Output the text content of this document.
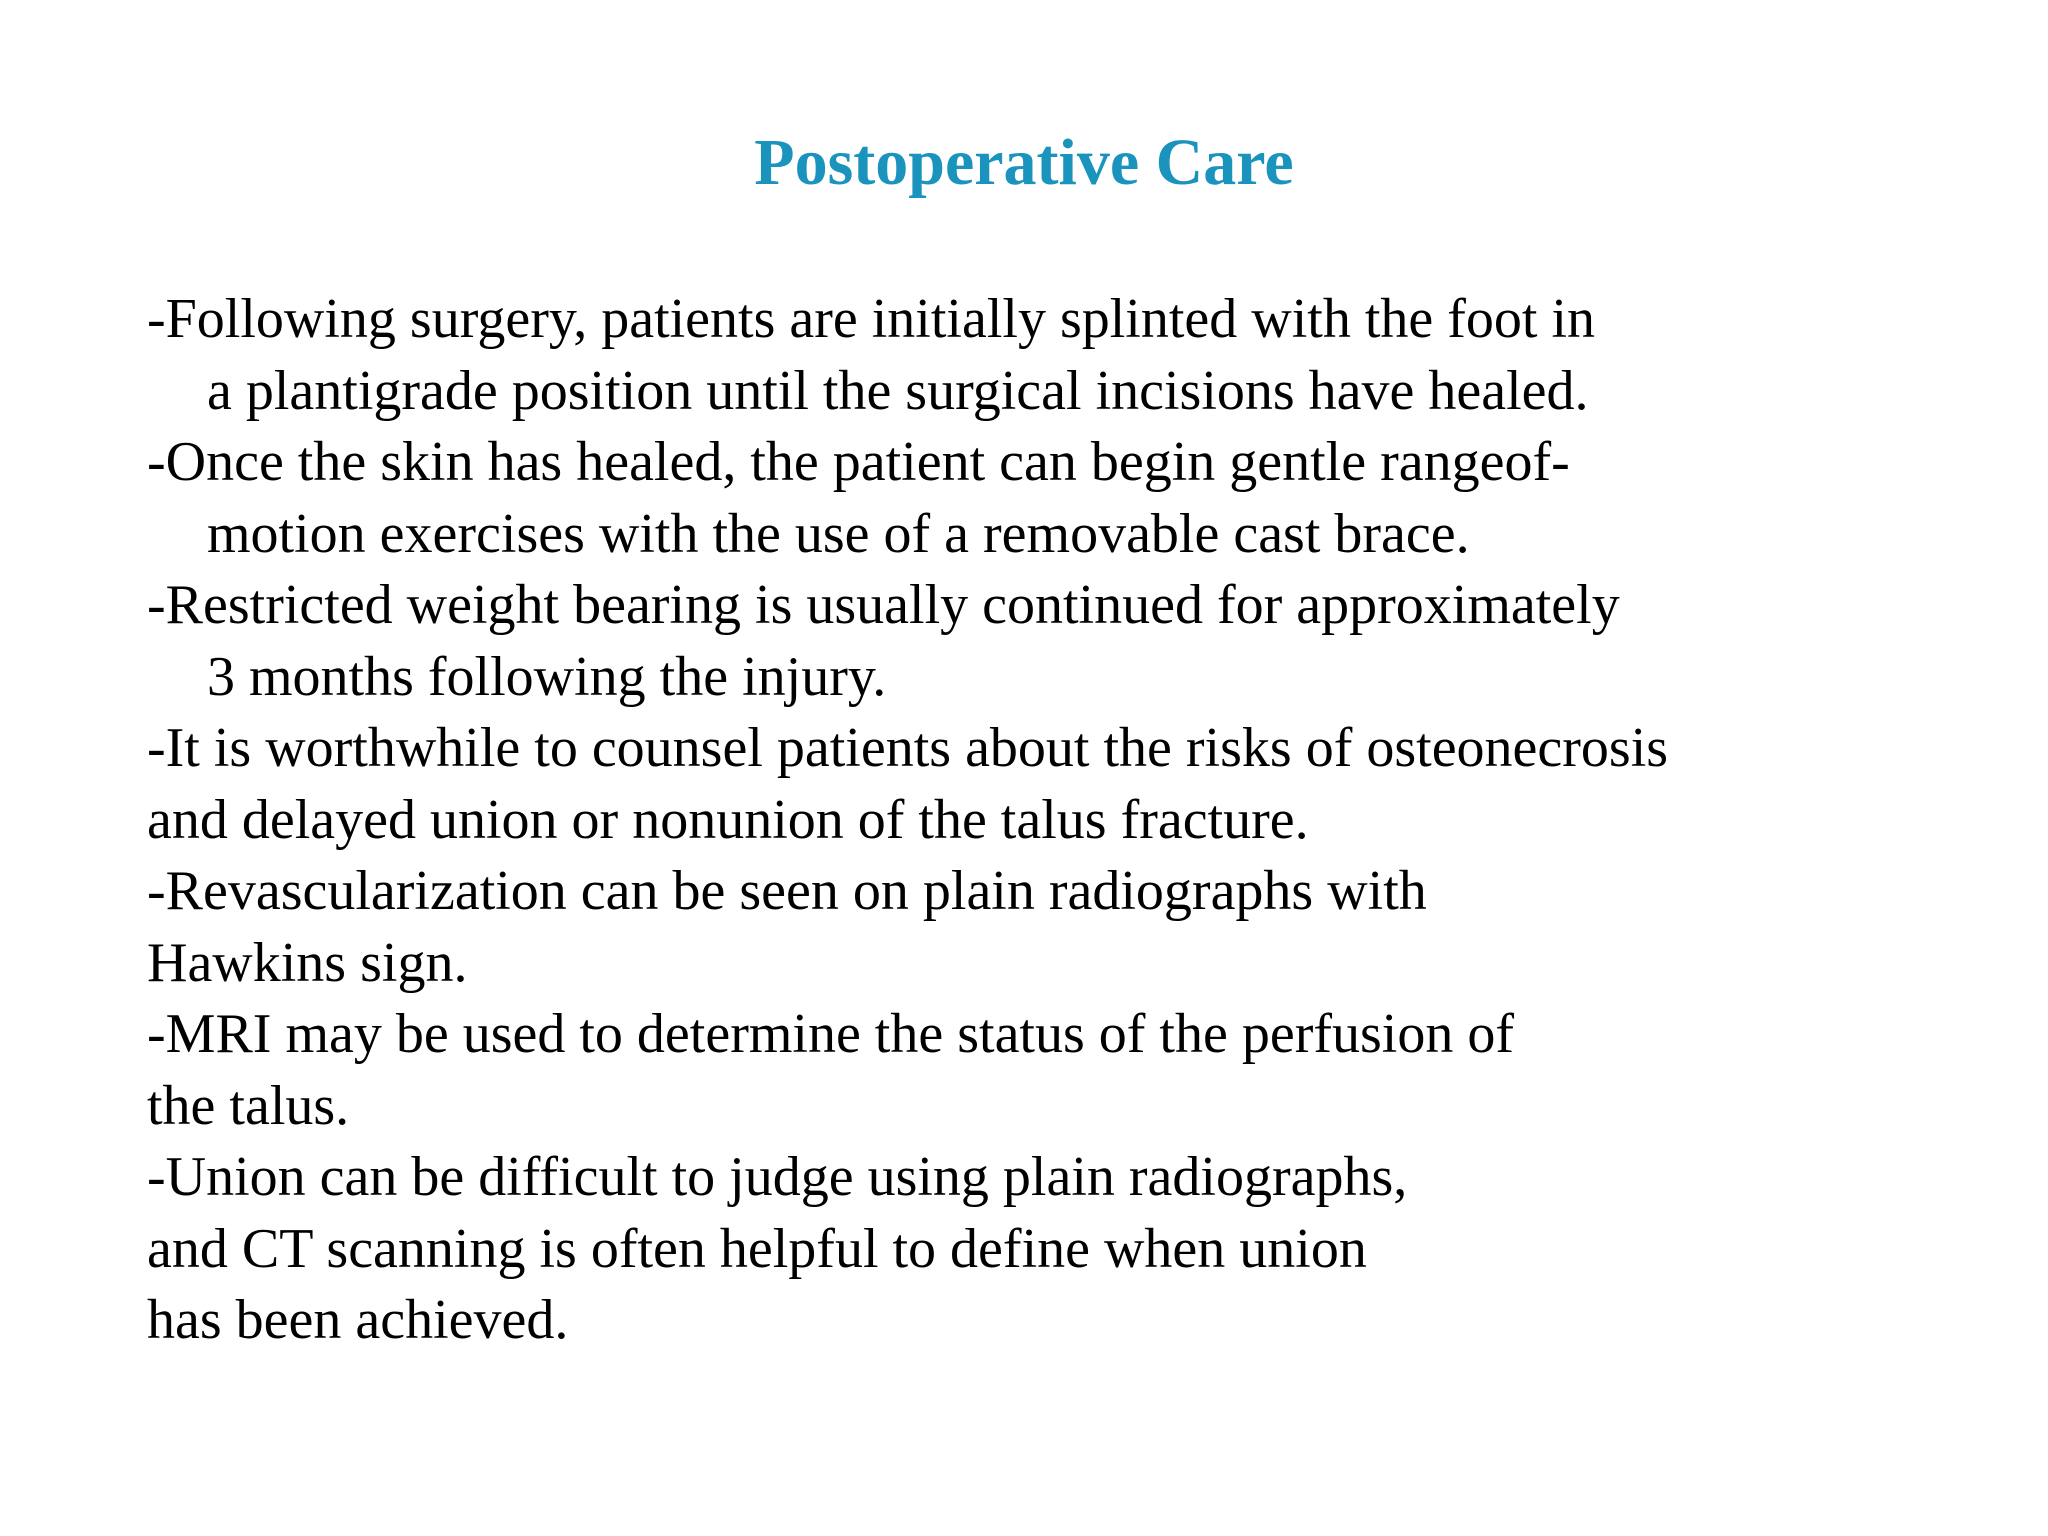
Postoperative Care
-Following surgery, patients are initially splinted with the foot in
a plantigrade position until the surgical incisions have healed.
-Once the skin has healed, the patient can begin gentle rangeof-
motion exercises with the use of a removable cast brace.
-Restricted weight bearing is usually continued for approximately
3 months following the injury.
-It is worthwhile to counsel patients about the risks of osteonecrosis
and delayed union or nonunion of the talus fracture.
-Revascularization can be seen on plain radiographs with
Hawkins sign.
-MRI may be used to determine the status of the perfusion of
the talus.
-Union can be difficult to judge using plain radiographs,
and CT scanning is often helpful to define when union
has been achieved.
